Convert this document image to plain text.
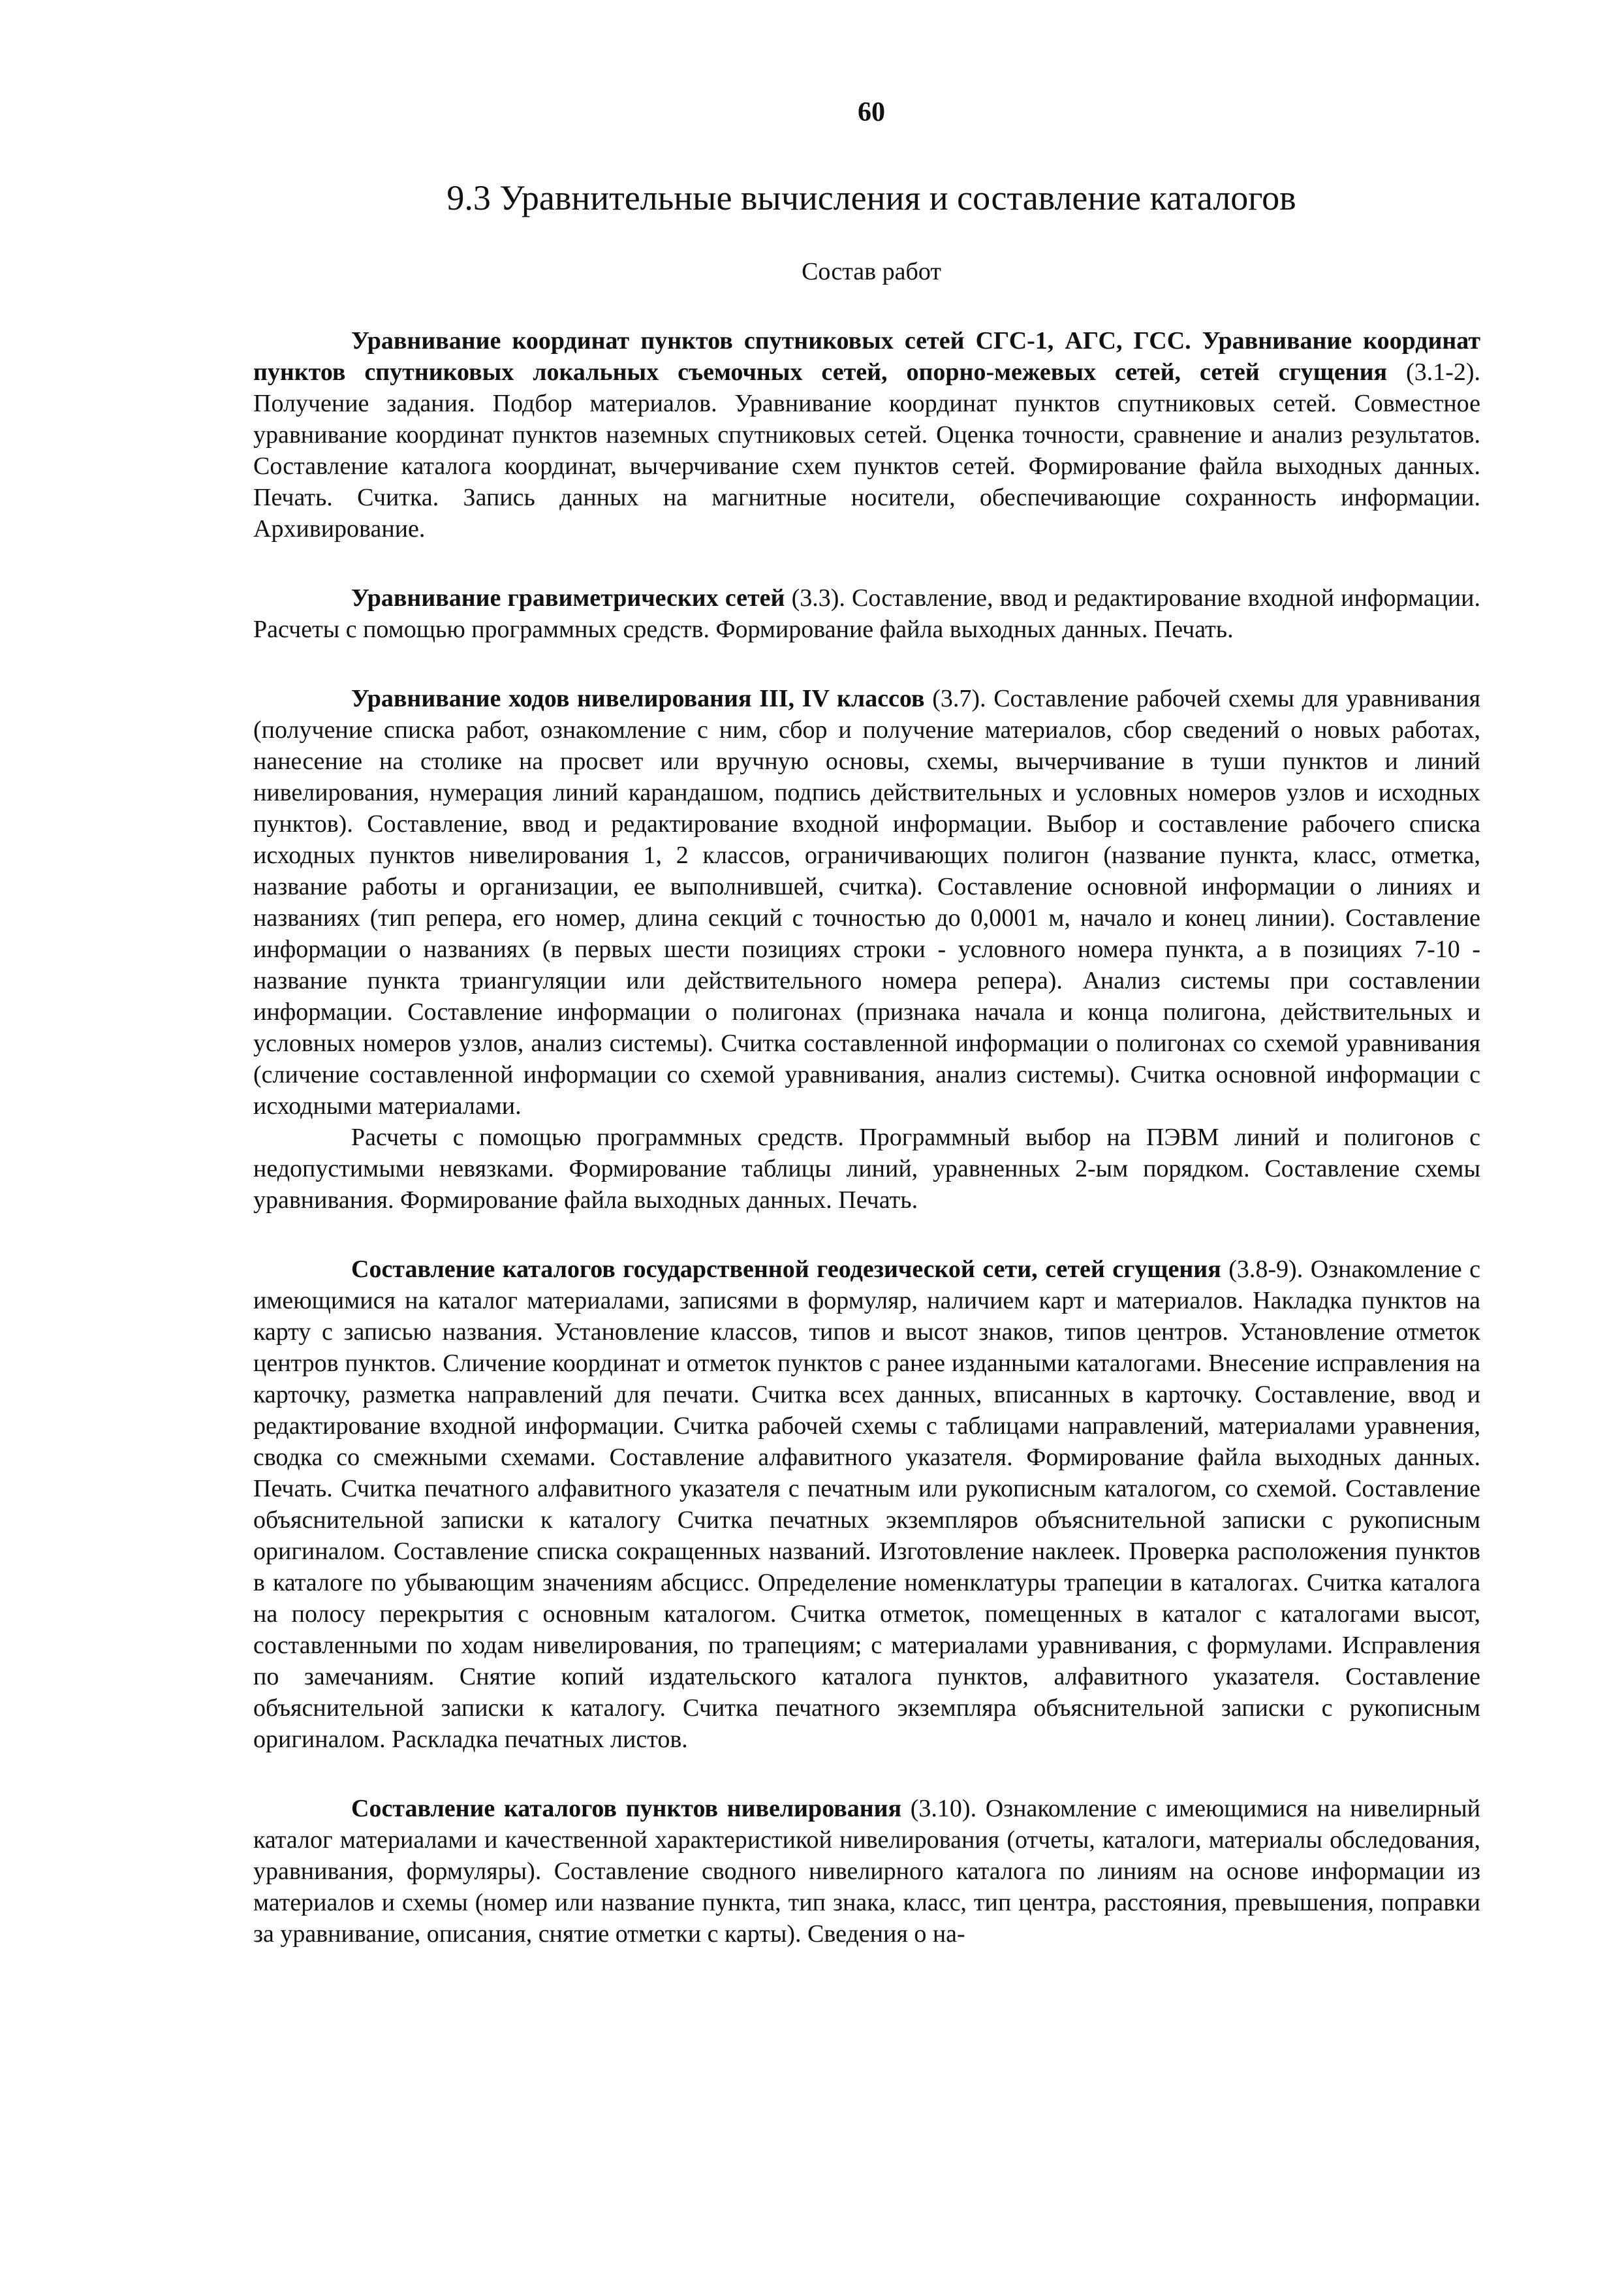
60
9.3 Уравнительные вычисления и составление каталогов
Состав работ

Уравнивание координат пунктов спутниковых сетей СГС-1, АГС, ГСС. Уравнивание координат пунктов спутниковых локальных съемочных сетей, опорно-межевых сетей, сетей сгущения (3.1-2). Получение задания. Подбор материалов. Уравнивание координат пунктов спутниковых сетей. Совместное уравнивание координат пунктов наземных спутниковых сетей. Оценка точности, сравнение и анализ результатов. Составление каталога координат, вычерчивание схем пунктов сетей. Формирование файла выходных данных. Печать. Считка. Запись данных на магнитные носители, обеспечивающие сохранность информации. Архивирование.

Уравнивание гравиметрических сетей (3.3). Составление, ввод и редактирование входной информации. Расчеты с помощью программных средств. Формирование файла выходных данных. Печать.

Уравнивание ходов нивелирования III, IV классов (3.7). Составление рабочей схемы для уравнивания (получение списка работ, ознакомление с ним, сбор и получение материалов, сбор сведений о новых работах, нанесение на столике на просвет или вручную основы, схемы, вычерчивание в туши пунктов и линий нивелирования, нумерация линий карандашом, подпись действительных и условных номеров узлов и исходных пунктов). Составление, ввод и редактирование входной информации. Выбор и составление рабочего списка исходных пунктов нивелирования 1, 2 классов, ограничивающих полигон (название пункта, класс, отметка, название работы и организации, ее выполнившей, считка). Составление основной информации о линиях и названиях (тип репера, его номер, длина секций с точностью до 0,0001 м, начало и конец линии). Составление информации о названиях (в первых шести позициях строки - условного номера пункта, а в позициях 7-10 - название пункта триангуляции или действительного номера репера). Анализ системы при составлении информации. Составление информации о полигонах (признака начала и конца полигона, действительных и условных номеров узлов, анализ системы). Считка составленной информации о полигонах со схемой уравнивания (сличение составленной информации со схемой уравнивания, анализ системы). Считка основной информации с исходными материалами.

Расчеты с помощью программных средств. Программный выбор на ПЭВМ линий и полигонов с недопустимыми невязками. Формирование таблицы линий, уравненных 2-ым порядком. Составление схемы уравнивания. Формирование файла выходных данных. Печать.

Составление каталогов государственной геодезической сети, сетей сгущения (3.8-9). Ознакомление с имеющимися на каталог материалами, записями в формуляр, наличием карт и материалов. Накладка пунктов на карту с записью названия. Установление классов, типов и высот знаков, типов центров. Установление отметок центров пунктов. Сличение координат и отметок пунктов с ранее изданными каталогами. Внесение исправления на карточку, разметка направлений для печати. Считка всех данных, вписанных в карточку. Составление, ввод и редактирование входной информации. Считка рабочей схемы с таблицами направлений, материалами уравнения, сводка со смежными схемами. Составление алфавитного указателя. Формирование файла выходных данных. Печать. Считка печатного алфавитного указателя с печатным или рукописным каталогом, со схемой. Составление объяснительной записки к каталогу Считка печатных экземпляров объяснительной записки с рукописным оригиналом. Составление списка сокращенных названий. Изготовление наклеек. Проверка расположения пунктов в каталоге по убывающим значениям абсцисс. Определение номенклатуры трапеции в каталогах. Считка каталога на полосу перекрытия с основным каталогом. Считка отметок, помещенных в каталог с каталогами высот, составленными по ходам нивелирования, по трапециям; с материалами уравнивания, с формулами. Исправления по замечаниям. Снятие копий издательского каталога пунктов, алфавитного указателя. Составление объяснительной записки к каталогу. Считка печатного экземпляра объяснительной записки с рукописным оригиналом. Раскладка печатных листов.

Составление каталогов пунктов нивелирования (3.10). Ознакомление с имеющимися на нивелирный каталог материалами и качественной характеристикой нивелирования (отчеты, каталоги, материалы обследования, уравнивания, формуляры). Составление сводного нивелирного каталога по линиям на основе информации из материалов и схемы (номер или название пункта, тип знака, класс, тип центра, расстояния, превышения, поправки за уравнивание, описания, снятие отметки с карты). Сведения о на-
